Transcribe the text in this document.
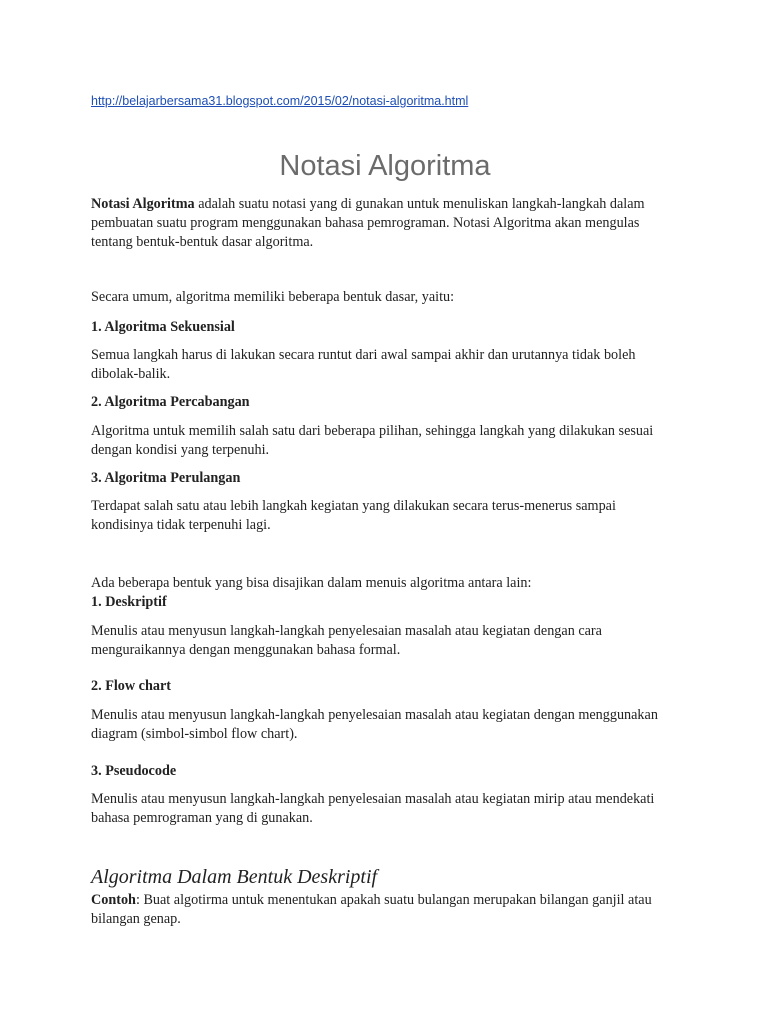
http://belajarbersama31.blogspot.com/2015/02/notasi-algoritma.html
Notasi Algoritma

Notasi Algoritma adalah suatu notasi yang di gunakan untuk menuliskan langkah-langkah dalam

pembuatan suatu program menggunakan bahasa pemrograman. Notasi Algoritma akan mengulas

tentang bentuk-bentuk dasar algoritma.

Secara umum, algoritma memiliki beberapa bentuk dasar, yaitu:

1. Algoritma Sekuensial

Semua langkah harus di lakukan secara runtut dari awal sampai akhir dan urutannya tidak boleh

dibolak-balik.

2. Algoritma Percabangan

Algoritma untuk memilih salah satu dari beberapa pilihan, sehingga langkah yang dilakukan sesuai

dengan kondisi yang terpenuhi.

3. Algoritma Perulangan

Terdapat salah satu atau lebih langkah kegiatan yang dilakukan secara terus-menerus sampai

kondisinya tidak terpenuhi lagi.

Ada beberapa bentuk yang bisa disajikan dalam menuis algoritma antara lain:

1. Deskriptif

Menulis atau menyusun langkah-langkah penyelesaian masalah atau kegiatan dengan cara

menguraikannya dengan menggunakan bahasa formal.

2. Flow chart

Menulis atau menyusun langkah-langkah penyelesaian masalah atau kegiatan dengan menggunakan

diagram (simbol-simbol flow chart).

3. Pseudocode

Menulis atau menyusun langkah-langkah penyelesaian masalah atau kegiatan mirip atau mendekati

bahasa pemrograman yang di gunakan.

Algoritma Dalam Bentuk Deskriptif

Contoh: Buat algotirma untuk menentukan apakah suatu bulangan merupakan bilangan ganjil atau

bilangan genap.
